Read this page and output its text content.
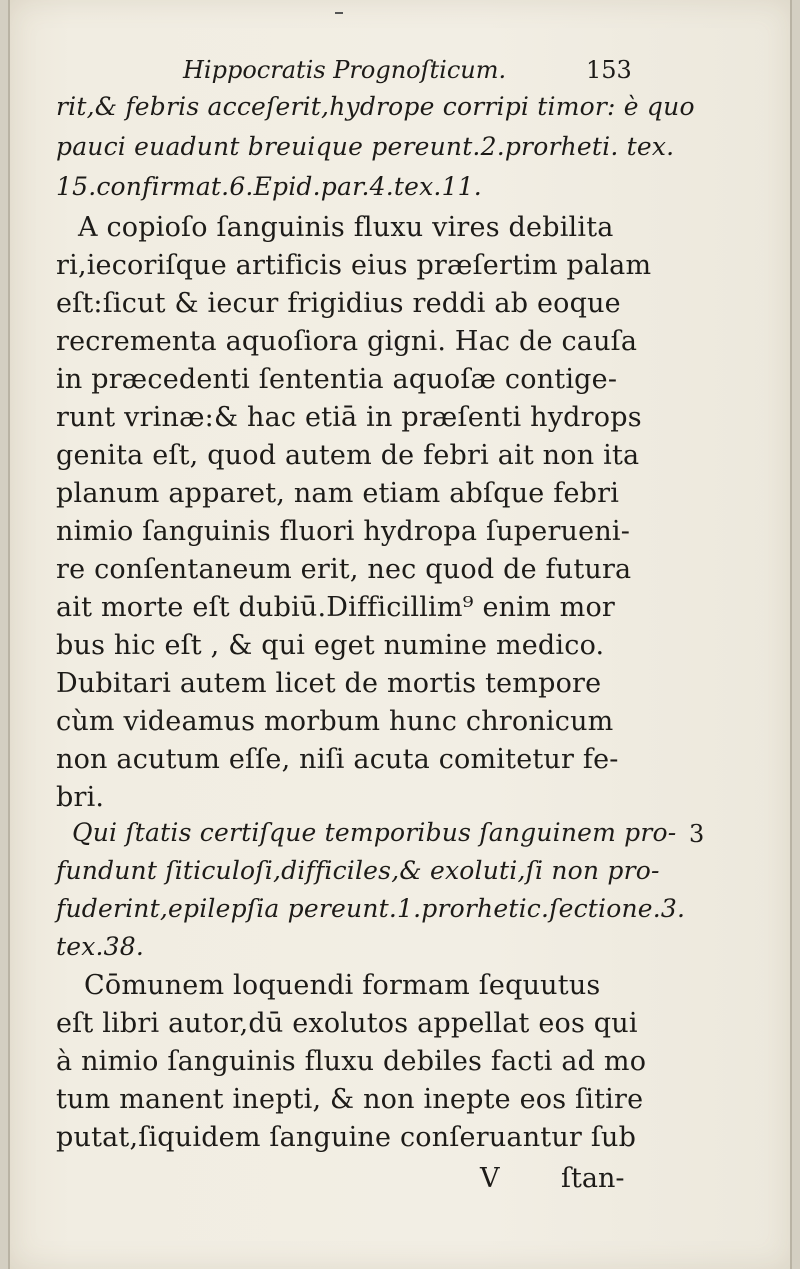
Hippocratis Prognoſticum.	153
rit,& febris acceſerit,hydrope corripi timor: è quo
pauci euadunt breuique pereunt.2.prorheti. tex.
15.confirmat.6.Epid.par.4.tex.11.
A copioſo ſanguinis fluxu vires debilita
ri,iecoriſque artificis eius præſertim palam
eſt:ſicut & iecur frigidius reddi ab eoque
recrementa aquoſiora gigni. Hac de cauſa
in præcedenti ſententia aquoſæ contige-
runt vrinæ:& hac etiā in præſenti hydrops
genita eſt, quod autem de febri ait non ita
planum apparet, nam etiam abſque febri
nimio ſanguinis fluori hydropa ſuperueni-
re conſentaneum erit, nec quod de futura
ait morte eſt dubiū.Difficillim⁹ enim mor
bus hic eſt , & qui eget numine medico.
Dubitari autem licet de mortis tempore
cùm videamus morbum hunc chronicum
non acutum eſſe, niſi acuta comitetur fe-
bri.
3
Qui ſtatis certiſque temporibus ſanguinem pro-
fundunt ſiticuloſi,difficiles,& exoluti,ſi non pro-
fuderint,epilepſia pereunt.1.prorhetic.ſectione.3.
tex.38.
Cōmunem loquendi formam ſequutus
eſt libri autor,dū exolutos appellat eos qui
à nimio ſanguinis fluxu debiles facti ad mo
tum manent inepti, & non inepte eos ſitire
putat,ſiquidem ſanguine conſeruantur ſub
V ſtan-
